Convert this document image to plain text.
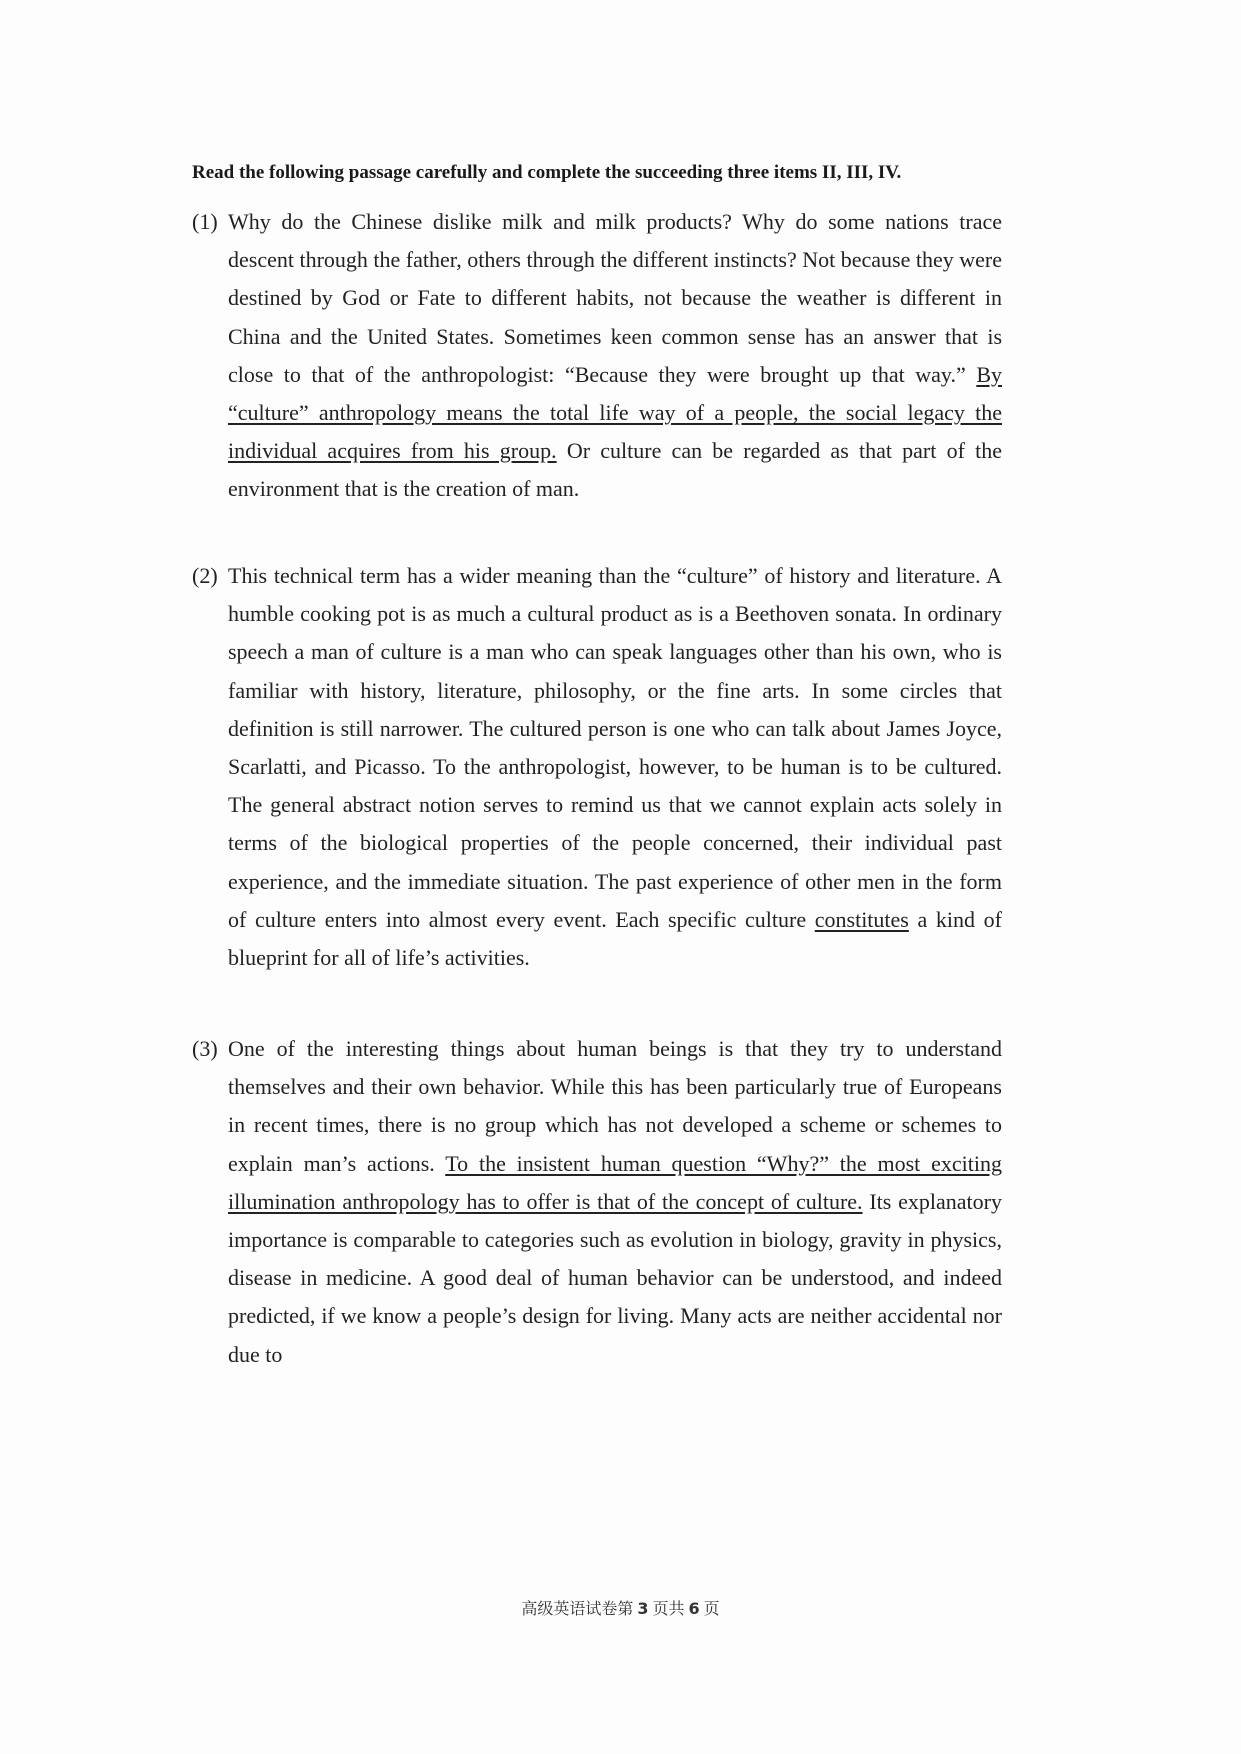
Read the following passage carefully and complete the succeeding three items II, III, IV.
(1) Why do the Chinese dislike milk and milk products? Why do some nations trace descent through the father, others through the different instincts? Not because they were destined by God or Fate to different habits, not because the weather is different in China and the United States. Sometimes keen common sense has an answer that is close to that of the anthropologist: “Because they were brought up that way.” By “culture” anthropology means the total life way of a people, the social legacy the individual acquires from his group. Or culture can be regarded as that part of the environment that is the creation of man.
(2) This technical term has a wider meaning than the “culture” of history and literature. A humble cooking pot is as much a cultural product as is a Beethoven sonata. In ordinary speech a man of culture is a man who can speak languages other than his own, who is familiar with history, literature, philosophy, or the fine arts. In some circles that definition is still narrower. The cultured person is one who can talk about James Joyce, Scarlatti, and Picasso. To the anthropologist, however, to be human is to be cultured. The general abstract notion serves to remind us that we cannot explain acts solely in terms of the biological properties of the people concerned, their individual past experience, and the immediate situation. The past experience of other men in the form of culture enters into almost every event. Each specific culture constitutes a kind of blueprint for all of life’s activities.
(3) One of the interesting things about human beings is that they try to understand themselves and their own behavior. While this has been particularly true of Europeans in recent times, there is no group which has not developed a scheme or schemes to explain man’s actions. To the insistent human question “Why?” the most exciting illumination anthropology has to offer is that of the concept of culture. Its explanatory importance is comparable to categories such as evolution in biology, gravity in physics, disease in medicine. A good deal of human behavior can be understood, and indeed predicted, if we know a people’s design for living. Many acts are neither accidental nor due to
高级英语试卷第 3 页共 6 页
